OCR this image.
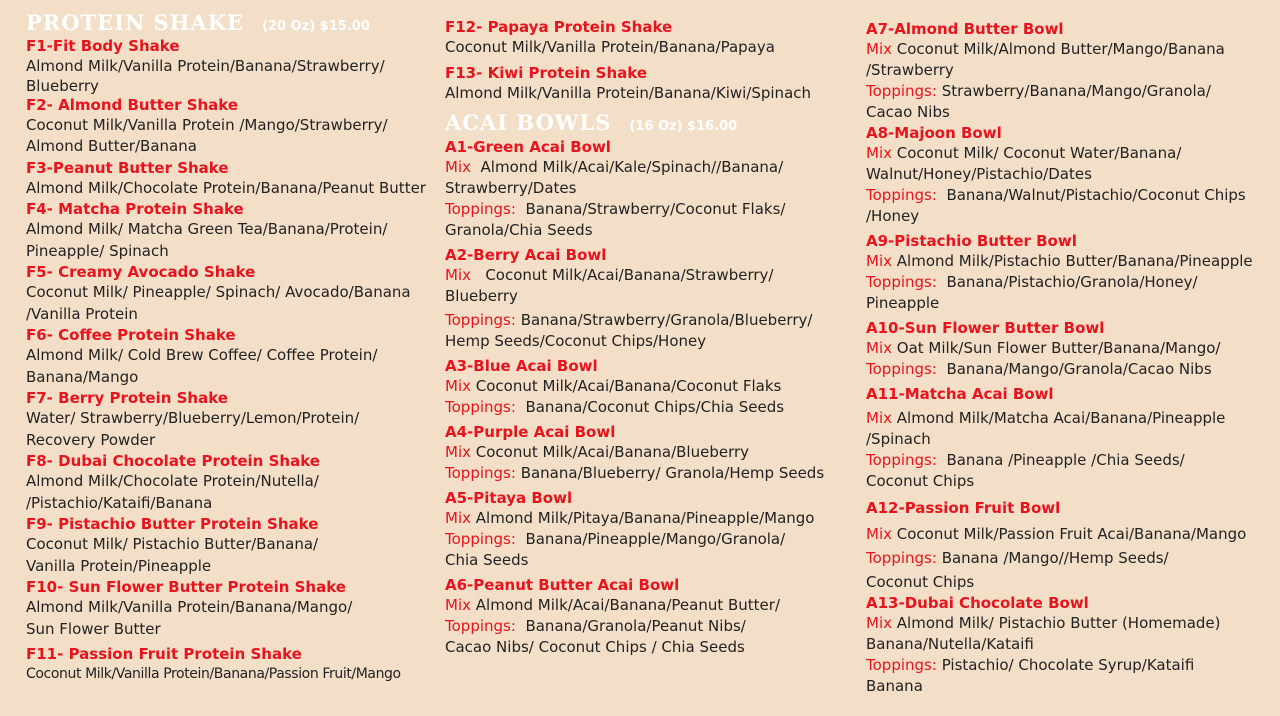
PROTEIN SHAKE (20 Oz) $15.00
F1-Fit Body Shake
Almond Milk/Vanilla Protein/Banana/Strawberry/
Blueberry
F2- Almond Butter Shake
Coconut Milk/Vanilla Protein /Mango/Strawberry/
Almond Butter/Banana
F3-Peanut Butter Shake
Almond Milk/Chocolate Protein/Banana/Peanut Butter
F4- Matcha Protein Shake
Almond Milk/ Matcha Green Tea/Banana/Protein/
Pineapple/ Spinach
F5- Creamy Avocado Shake
Coconut Milk/ Pineapple/ Spinach/ Avocado/Banana
/Vanilla Protein
F6- Coffee Protein Shake
Almond Milk/ Cold Brew Coffee/ Coffee Protein/
Banana/Mango
F7- Berry Protein Shake
Water/ Strawberry/Blueberry/Lemon/Protein/
Recovery Powder
F8- Dubai Chocolate Protein Shake
Almond Milk/Chocolate Protein/Nutella/
/Pistachio/Kataifi/Banana
F9- Pistachio Butter Protein Shake
Coconut Milk/ Pistachio Butter/Banana/
Vanilla Protein/Pineapple
F10- Sun Flower Butter Protein Shake
Almond Milk/Vanilla Protein/Banana/Mango/
Sun Flower Butter
F11- Passion Fruit Protein Shake
Coconut Milk/Vanilla Protein/Banana/Passion Fruit/Mango
F12- Papaya Protein Shake
Coconut Milk/Vanilla Protein/Banana/Papaya
F13- Kiwi Protein Shake
Almond Milk/Vanilla Protein/Banana/Kiwi/Spinach
ACAI BOWLS (16 Oz) $16.00
A1-Green Acai Bowl
Mix Almond Milk/Acai/Kale/Spinach//Banana/
Strawberry/Dates
Toppings: Banana/Strawberry/Coconut Flaks/
Granola/Chia Seeds
A2-Berry Acai Bowl
Mix Coconut Milk/Acai/Banana/Strawberry/
Blueberry
Toppings: Banana/Strawberry/Granola/Blueberry/
Hemp Seeds/Coconut Chips/Honey
A3-Blue Acai Bowl
Mix Coconut Milk/Acai/Banana/Coconut Flaks
Toppings: Banana/Coconut Chips/Chia Seeds
A4-Purple Acai Bowl
Mix Coconut Milk/Acai/Banana/Blueberry
Toppings: Banana/Blueberry/ Granola/Hemp Seeds
A5-Pitaya Bowl
Mix Almond Milk/Pitaya/Banana/Pineapple/Mango
Toppings: Banana/Pineapple/Mango/Granola/
Chia Seeds
A6-Peanut Butter Acai Bowl
Mix Almond Milk/Acai/Banana/Peanut Butter/
Toppings: Banana/Granola/Peanut Nibs/
Cacao Nibs/ Coconut Chips / Chia Seeds
A7-Almond Butter Bowl
Mix Coconut Milk/Almond Butter/Mango/Banana
/Strawberry
Toppings: Strawberry/Banana/Mango/Granola/
Cacao Nibs
A8-Majoon Bowl
Mix Coconut Milk/ Coconut Water/Banana/
Walnut/Honey/Pistachio/Dates
Toppings: Banana/Walnut/Pistachio/Coconut Chips
/Honey
A9-Pistachio Butter Bowl
Mix Almond Milk/Pistachio Butter/Banana/Pineapple
Toppings: Banana/Pistachio/Granola/Honey/
Pineapple
A10-Sun Flower Butter Bowl
Mix Oat Milk/Sun Flower Butter/Banana/Mango/
Toppings: Banana/Mango/Granola/Cacao Nibs
A11-Matcha Acai Bowl
Mix Almond Milk/Matcha Acai/Banana/Pineapple
/Spinach
Toppings: Banana /Pineapple /Chia Seeds/
Coconut Chips
A12-Passion Fruit Bowl
Mix Coconut Milk/Passion Fruit Acai/Banana/Mango
Toppings: Banana /Mango//Hemp Seeds/
Coconut Chips
A13-Dubai Chocolate Bowl
Mix Almond Milk/ Pistachio Butter (Homemade)
Banana/Nutella/Kataifi
Toppings: Pistachio/ Chocolate Syrup/Kataifi
Banana
